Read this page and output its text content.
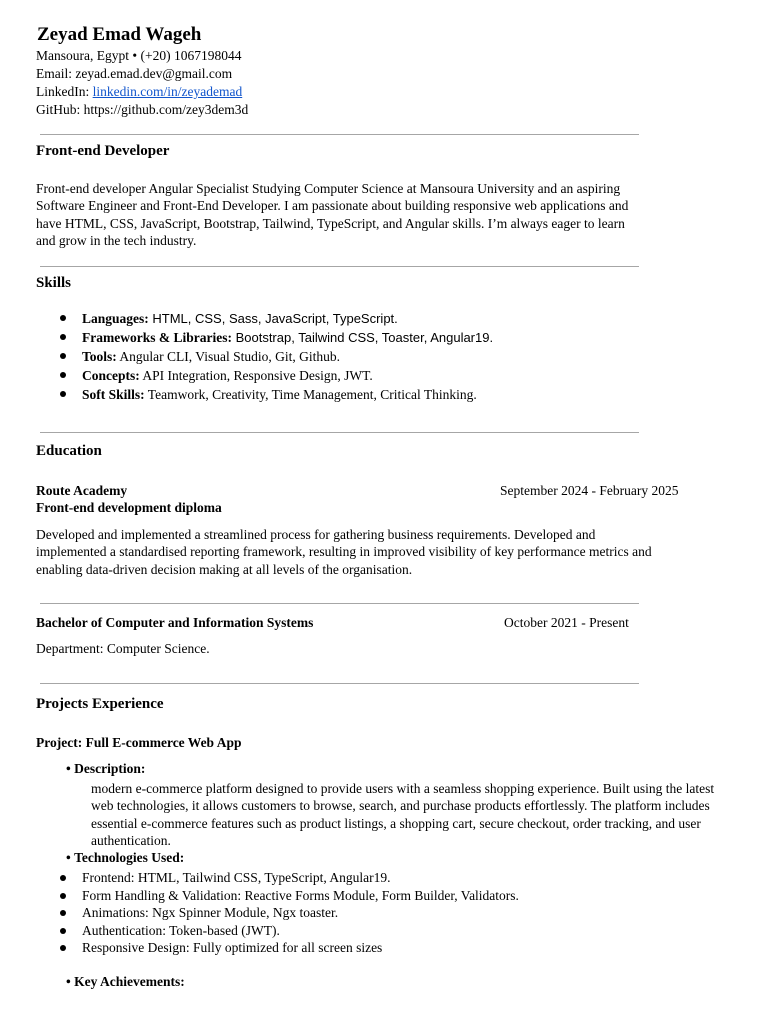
Zeyad Emad Wageh
Mansoura, Egypt • (+20) 1067198044
Email: zeyad.emad.dev@gmail.com
LinkedIn: linkedin.com/in/zeyademad
GitHub: https://github.com/zey3dem3d
Front-end Developer
Front-end developer Angular Specialist Studying Computer Science at Mansoura University and an aspiring Software Engineer and Front-End Developer. I am passionate about building responsive web applications and have HTML, CSS, JavaScript, Bootstrap, Tailwind, TypeScript, and Angular skills. I’m always eager to learn and grow in the tech industry.
Skills
Languages: HTML, CSS, Sass, JavaScript, TypeScript.
Frameworks & Libraries: Bootstrap, Tailwind CSS, Toaster, Angular19.
Tools: Angular CLI, Visual Studio, Git, Github.
Concepts: API Integration, Responsive Design, JWT.
Soft Skills: Teamwork, Creativity, Time Management, Critical Thinking.
Education
Route Academy	September 2024 - February 2025
Front-end development diploma
Developed and implemented a streamlined process for gathering business requirements. Developed and implemented a standardised reporting framework, resulting in improved visibility of key performance metrics and enabling data-driven decision making at all levels of the organisation.
Bachelor of Computer and Information Systems	October 2021 - Present
Department: Computer Science.
Projects Experience
Project: Full E-commerce Web App
• Description:
modern e-commerce platform designed to provide users with a seamless shopping experience. Built using the latest web technologies, it allows customers to browse, search, and purchase products effortlessly. The platform includes essential e-commerce features such as product listings, a shopping cart, secure checkout, order tracking, and user authentication.
• Technologies Used:
Frontend: HTML, Tailwind CSS, TypeScript, Angular19.
Form Handling & Validation: Reactive Forms Module, Form Builder, Validators.
Animations: Ngx Spinner Module, Ngx toaster.
Authentication: Token-based (JWT).
Responsive Design: Fully optimized for all screen sizes
• Key Achievements:
